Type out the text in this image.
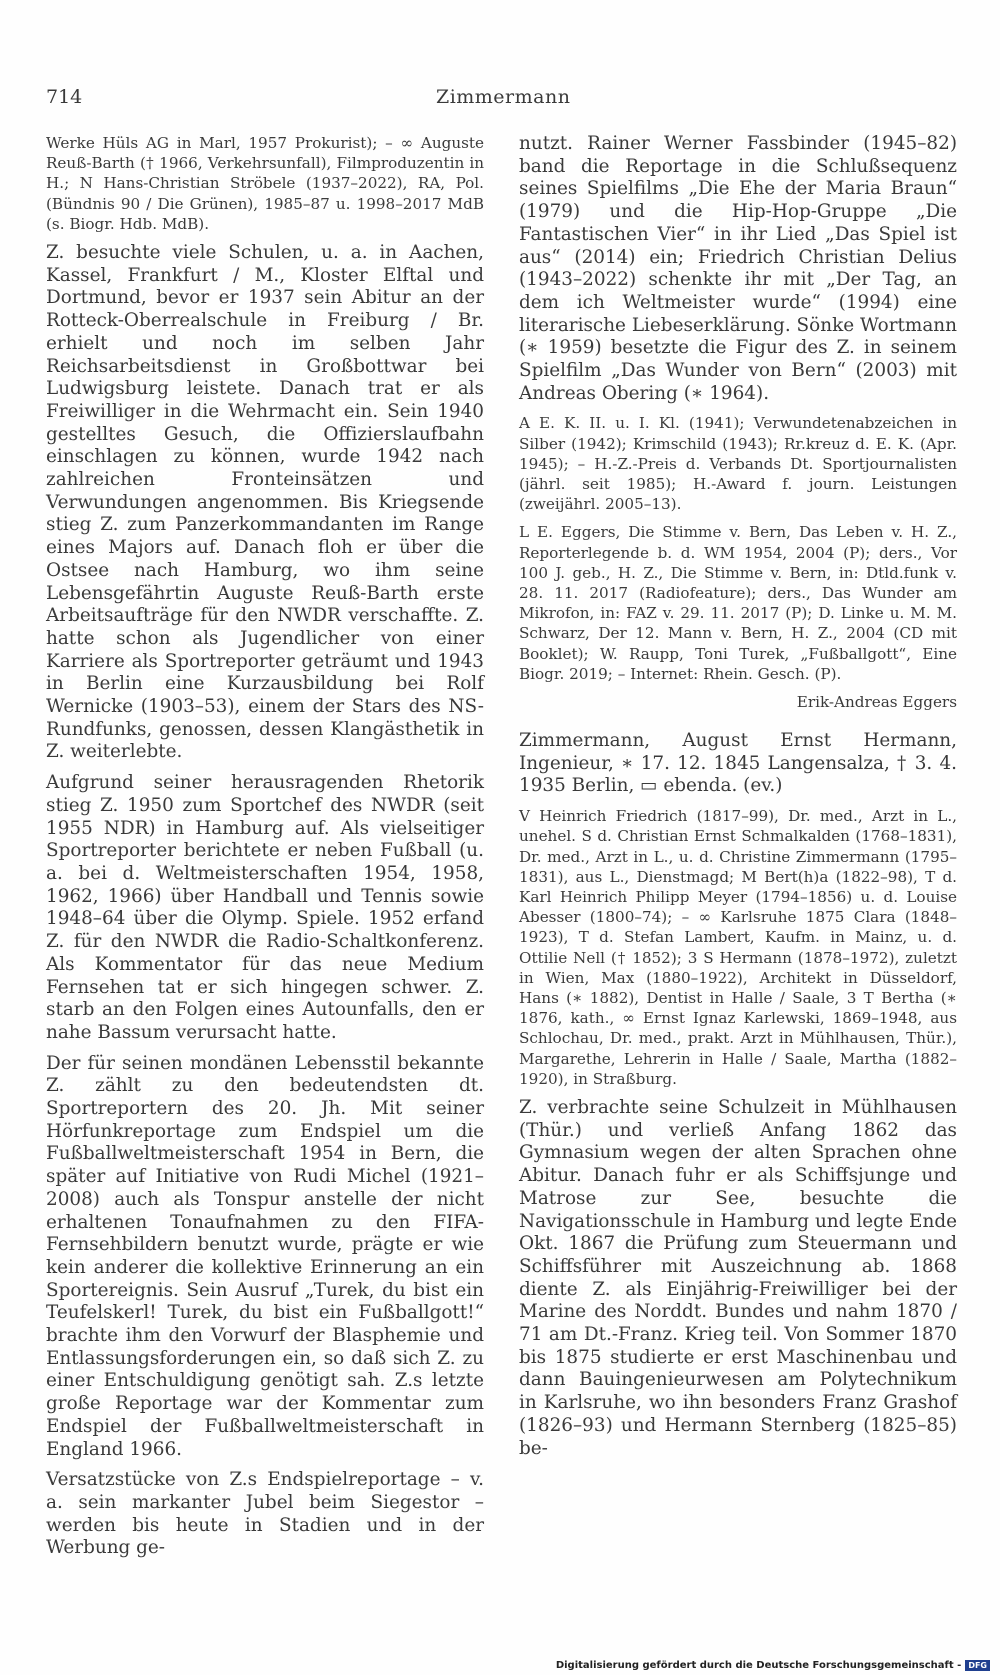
714	Zimmermann

Werke Hüls AG in Marl, 1957 Prokurist); – ∞ Auguste Reuß-Barth († 1966, Verkehrsunfall), Filmproduzentin in H.; N Hans-Christian Ströbele (1937–2022), RA, Pol. (Bündnis 90 / Die Grünen), 1985–87 u. 1998–2017 MdB (s. Biogr. Hdb. MdB).

Z. besuchte viele Schulen, u. a. in Aachen, Kassel, Frankfurt / M., Kloster Elftal und Dortmund, bevor er 1937 sein Abitur an der Rotteck-Oberrealschule in Freiburg / Br. erhielt und noch im selben Jahr Reichsarbeitsdienst in Großbottwar bei Ludwigsburg leistete. Danach trat er als Freiwilliger in die Wehrmacht ein. Sein 1940 gestelltes Gesuch, die Offizierslaufbahn einschlagen zu können, wurde 1942 nach zahlreichen Fronteinsätzen und Verwundungen angenommen. Bis Kriegsende stieg Z. zum Panzerkommandanten im Range eines Majors auf. Danach floh er über die Ostsee nach Hamburg, wo ihm seine Lebensgefährtin Auguste Reuß-Barth erste Arbeitsaufträge für den NWDR verschaffte. Z. hatte schon als Jugendlicher von einer Karriere als Sportreporter geträumt und 1943 in Berlin eine Kurzausbildung bei Rolf Wernicke (1903–53), einem der Stars des NS-Rundfunks, genossen, dessen Klangästhetik in Z. weiterlebte.

Aufgrund seiner herausragenden Rhetorik stieg Z. 1950 zum Sportchef des NWDR (seit 1955 NDR) in Hamburg auf. Als vielseitiger Sportreporter berichtete er neben Fußball (u. a. bei d. Weltmeisterschaften 1954, 1958, 1962, 1966) über Handball und Tennis sowie 1948–64 über die Olymp. Spiele. 1952 erfand Z. für den NWDR die Radio-Schaltkonferenz. Als Kommentator für das neue Medium Fernsehen tat er sich hingegen schwer. Z. starb an den Folgen eines Autounfalls, den er nahe Bassum verursacht hatte.

Der für seinen mondänen Lebensstil bekannte Z. zählt zu den bedeutendsten dt. Sportreportern des 20. Jh. Mit seiner Hörfunkreportage zum Endspiel um die Fußballweltmeisterschaft 1954 in Bern, die später auf Initiative von Rudi Michel (1921–2008) auch als Tonspur anstelle der nicht erhaltenen Tonaufnahmen zu den FIFA-Fernsehbildern benutzt wurde, prägte er wie kein anderer die kollektive Erinnerung an ein Sportereignis. Sein Ausruf „Turek, du bist ein Teufelskerl! Turek, du bist ein Fußballgott!“ brachte ihm den Vorwurf der Blasphemie und Entlassungsforderungen ein, so daß sich Z. zu einer Entschuldigung genötigt sah. Z.s letzte große Reportage war der Kommentar zum Endspiel der Fußballweltmeisterschaft in England 1966.

Versatzstücke von Z.s Endspielreportage – v. a. sein markanter Jubel beim Siegestor – werden bis heute in Stadien und in der Werbung ge-

nutzt. Rainer Werner Fassbinder (1945–82) band die Reportage in die Schlußsequenz seines Spielfilms „Die Ehe der Maria Braun“ (1979) und die Hip-Hop-Gruppe „Die Fantastischen Vier“ in ihr Lied „Das Spiel ist aus“ (2014) ein; Friedrich Christian Delius (1943–2022) schenkte ihr mit „Der Tag, an dem ich Weltmeister wurde“ (1994) eine literarische Liebeserklärung. Sönke Wortmann (∗ 1959) besetzte die Figur des Z. in seinem Spielfilm „Das Wunder von Bern“ (2003) mit Andreas Obering (∗ 1964).

A E. K. II. u. I. Kl. (1941); Verwundetenabzeichen in Silber (1942); Krimschild (1943); Rr.kreuz d. E. K. (Apr. 1945); – H.-Z.-Preis d. Verbands Dt. Sportjournalisten (jährl. seit 1985); H.-Award f. journ. Leistungen (zweijährl. 2005–13).

L E. Eggers, Die Stimme v. Bern, Das Leben v. H. Z., Reporterlegende b. d. WM 1954, 2004 (P); ders., Vor 100 J. geb., H. Z., Die Stimme v. Bern, in: Dtld.funk v. 28. 11. 2017 (Radiofeature); ders., Das Wunder am Mikrofon, in: FAZ v. 29. 11. 2017 (P); D. Linke u. M. M. Schwarz, Der 12. Mann v. Bern, H. Z., 2004 (CD mit Booklet); W. Raupp, Toni Turek, „Fußballgott“, Eine Biogr. 2019; – Internet: Rhein. Gesch. (P).

Erik-Andreas Eggers

Zimmermann, August Ernst Hermann, Ingenieur, ∗ 17. 12. 1845 Langensalza, † 3. 4. 1935 Berlin, ▭ ebenda. (ev.)

V Heinrich Friedrich (1817–99), Dr. med., Arzt in L., unehel. S d. Christian Ernst Schmalkalden (1768–1831), Dr. med., Arzt in L., u. d. Christine Zimmermann (1795–1831), aus L., Dienstmagd; M Bert(h)a (1822–98), T d. Karl Heinrich Philipp Meyer (1794–1856) u. d. Louise Abesser (1800–74); – ∞ Karlsruhe 1875 Clara (1848–1923), T d. Stefan Lambert, Kaufm. in Mainz, u. d. Ottilie Nell († 1852); 3 S Hermann (1878–1972), zuletzt in Wien, Max (1880–1922), Architekt in Düsseldorf, Hans (∗ 1882), Dentist in Halle / Saale, 3 T Bertha (∗ 1876, kath., ∞ Ernst Ignaz Karlewski, 1869–1948, aus Schlochau, Dr. med., prakt. Arzt in Mühlhausen, Thür.), Margarethe, Lehrerin in Halle / Saale, Martha (1882–1920), in Straßburg.

Z. verbrachte seine Schulzeit in Mühlhausen (Thür.) und verließ Anfang 1862 das Gymnasium wegen der alten Sprachen ohne Abitur. Danach fuhr er als Schiffsjunge und Matrose zur See, besuchte die Navigationsschule in Hamburg und legte Ende Okt. 1867 die Prüfung zum Steuermann und Schiffsführer mit Auszeichnung ab. 1868 diente Z. als Einjährig-Freiwilliger bei der Marine des Norddt. Bundes und nahm 1870 / 71 am Dt.-Franz. Krieg teil. Von Sommer 1870 bis 1875 studierte er erst Maschinenbau und dann Bauingenieurwesen am Polytechnikum in Karlsruhe, wo ihn besonders Franz Grashof (1826–93) und Hermann Sternberg (1825–85) be-

Digitalisierung gefördert durch die Deutsche Forschungsgemeinschaft - DFG
